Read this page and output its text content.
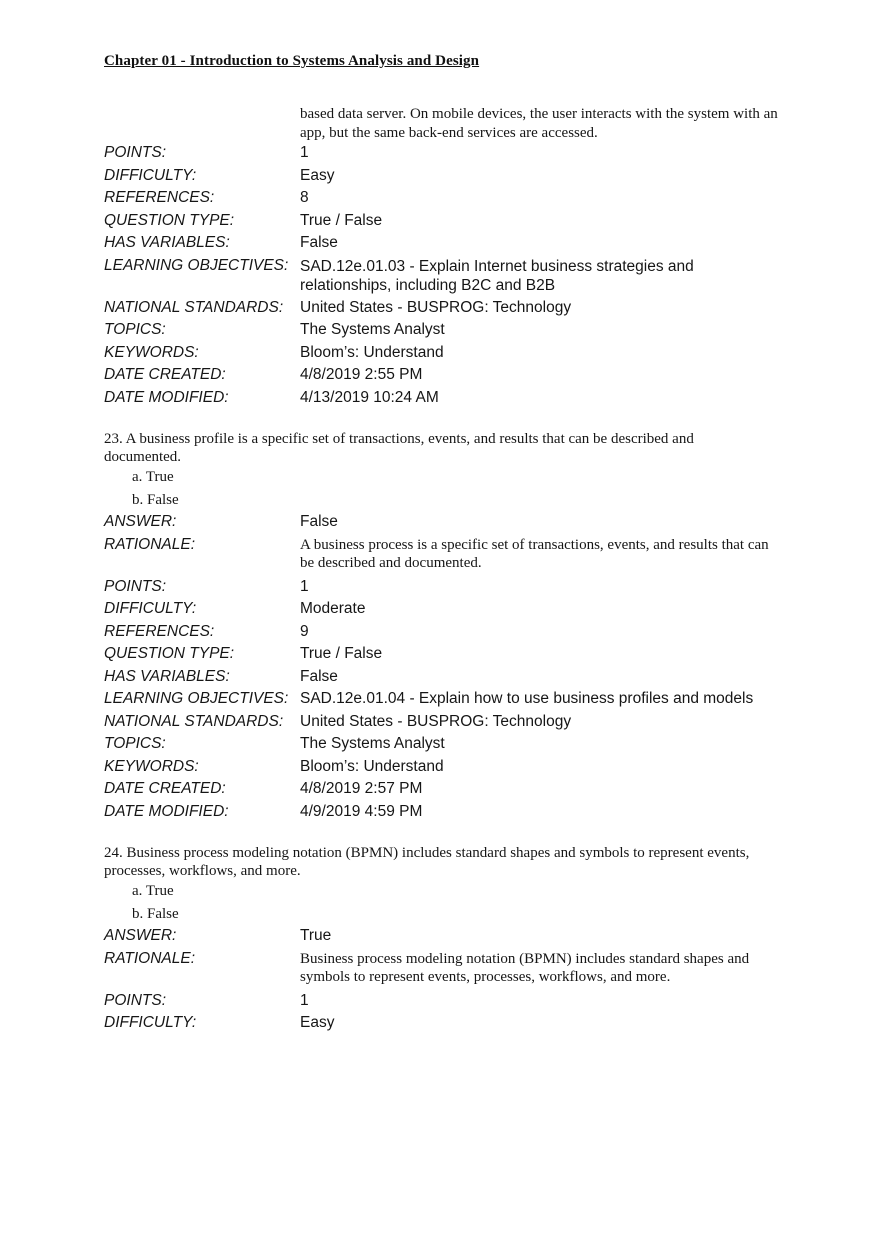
Chapter 01 - Introduction to Systems Analysis and Design
based data server. On mobile devices, the user interacts with the system with an app, but the same back-end services are accessed.
POINTS:	1
DIFFICULTY:	Easy
REFERENCES:	8
QUESTION TYPE:	True / False
HAS VARIABLES:	False
LEARNING OBJECTIVES: SAD.12e.01.03 - Explain Internet business strategies and relationships, including B2C and B2B
NATIONAL STANDARDS:	United States - BUSPROG: Technology
TOPICS:	The Systems Analyst
KEYWORDS:	Bloom’s: Understand
DATE CREATED:	4/8/2019 2:55 PM
DATE MODIFIED:	4/13/2019 10:24 AM
23. A business profile is a specific set of transactions, events, and results that can be described and documented.
a. True
b. False
ANSWER:	False
RATIONALE:	A business process is a specific set of transactions, events, and results that can be described and documented.
POINTS:	1
DIFFICULTY:	Moderate
REFERENCES:	9
QUESTION TYPE:	True / False
HAS VARIABLES:	False
LEARNING OBJECTIVES: SAD.12e.01.04 - Explain how to use business profiles and models
NATIONAL STANDARDS:	United States - BUSPROG: Technology
TOPICS:	The Systems Analyst
KEYWORDS:	Bloom’s: Understand
DATE CREATED:	4/8/2019 2:57 PM
DATE MODIFIED:	4/9/2019 4:59 PM
24. Business process modeling notation (BPMN) includes standard shapes and symbols to represent events, processes, workflows, and more.
a. True
b. False
ANSWER:	True
RATIONALE:	Business process modeling notation (BPMN) includes standard shapes and symbols to represent events, processes, workflows, and more.
POINTS:	1
DIFFICULTY:	Easy
